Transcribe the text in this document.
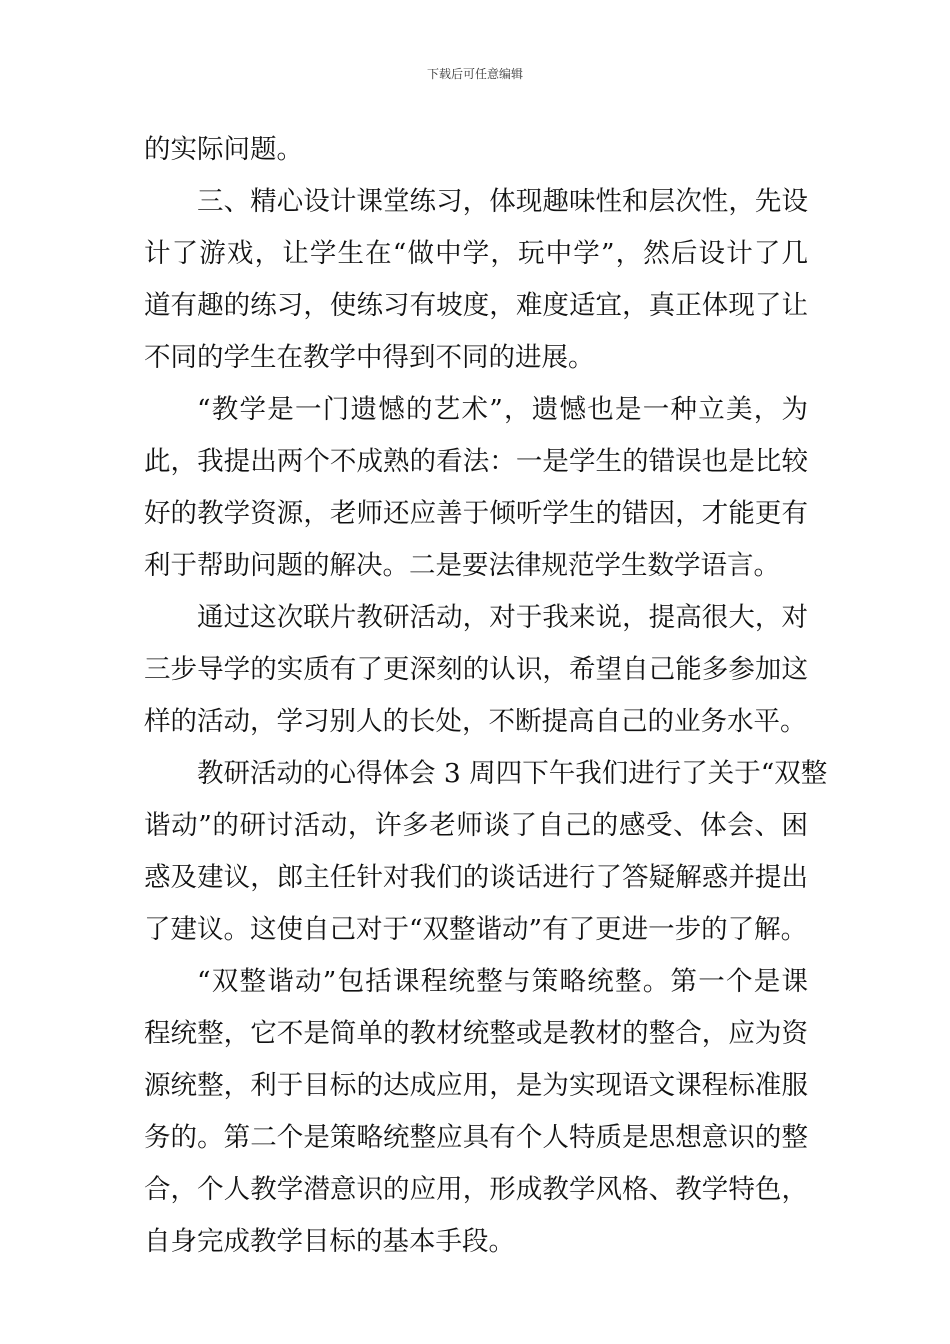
下载后可任意编辑
的实际问题。
三、精心设计课堂练习，体现趣味性和层次性，先设
计了游戏，让学生在“做中学，玩中学”，然后设计了几
道有趣的练习，使练习有坡度，难度适宜，真正体现了让
不同的学生在教学中得到不同的进展。
“教学是一门遗憾的艺术”，遗憾也是一种立美，为
此，我提出两个不成熟的看法：一是学生的错误也是比较
好的教学资源，老师还应善于倾听学生的错因，才能更有
利于帮助问题的解决。二是要法律规范学生数学语言。
通过这次联片教研活动，对于我来说，提高很大，对
三步导学的实质有了更深刻的认识，希望自己能多参加这
样的活动，学习别人的长处，不断提高自己的业务水平。
教研活动的心得体会 3 周四下午我们进行了关于“双整
谐动”的研讨活动，许多老师谈了自己的感受、体会、困
惑及建议，郎主任针对我们的谈话进行了答疑解惑并提出
了建议。这使自己对于“双整谐动”有了更进一步的了解。
“双整谐动”包括课程统整与策略统整。第一个是课
程统整，它不是简单的教材统整或是教材的整合，应为资
源统整，利于目标的达成应用，是为实现语文课程标准服
务的。第二个是策略统整应具有个人特质是思想意识的整
合，个人教学潜意识的应用，形成教学风格、教学特色，
自身完成教学目标的基本手段。
